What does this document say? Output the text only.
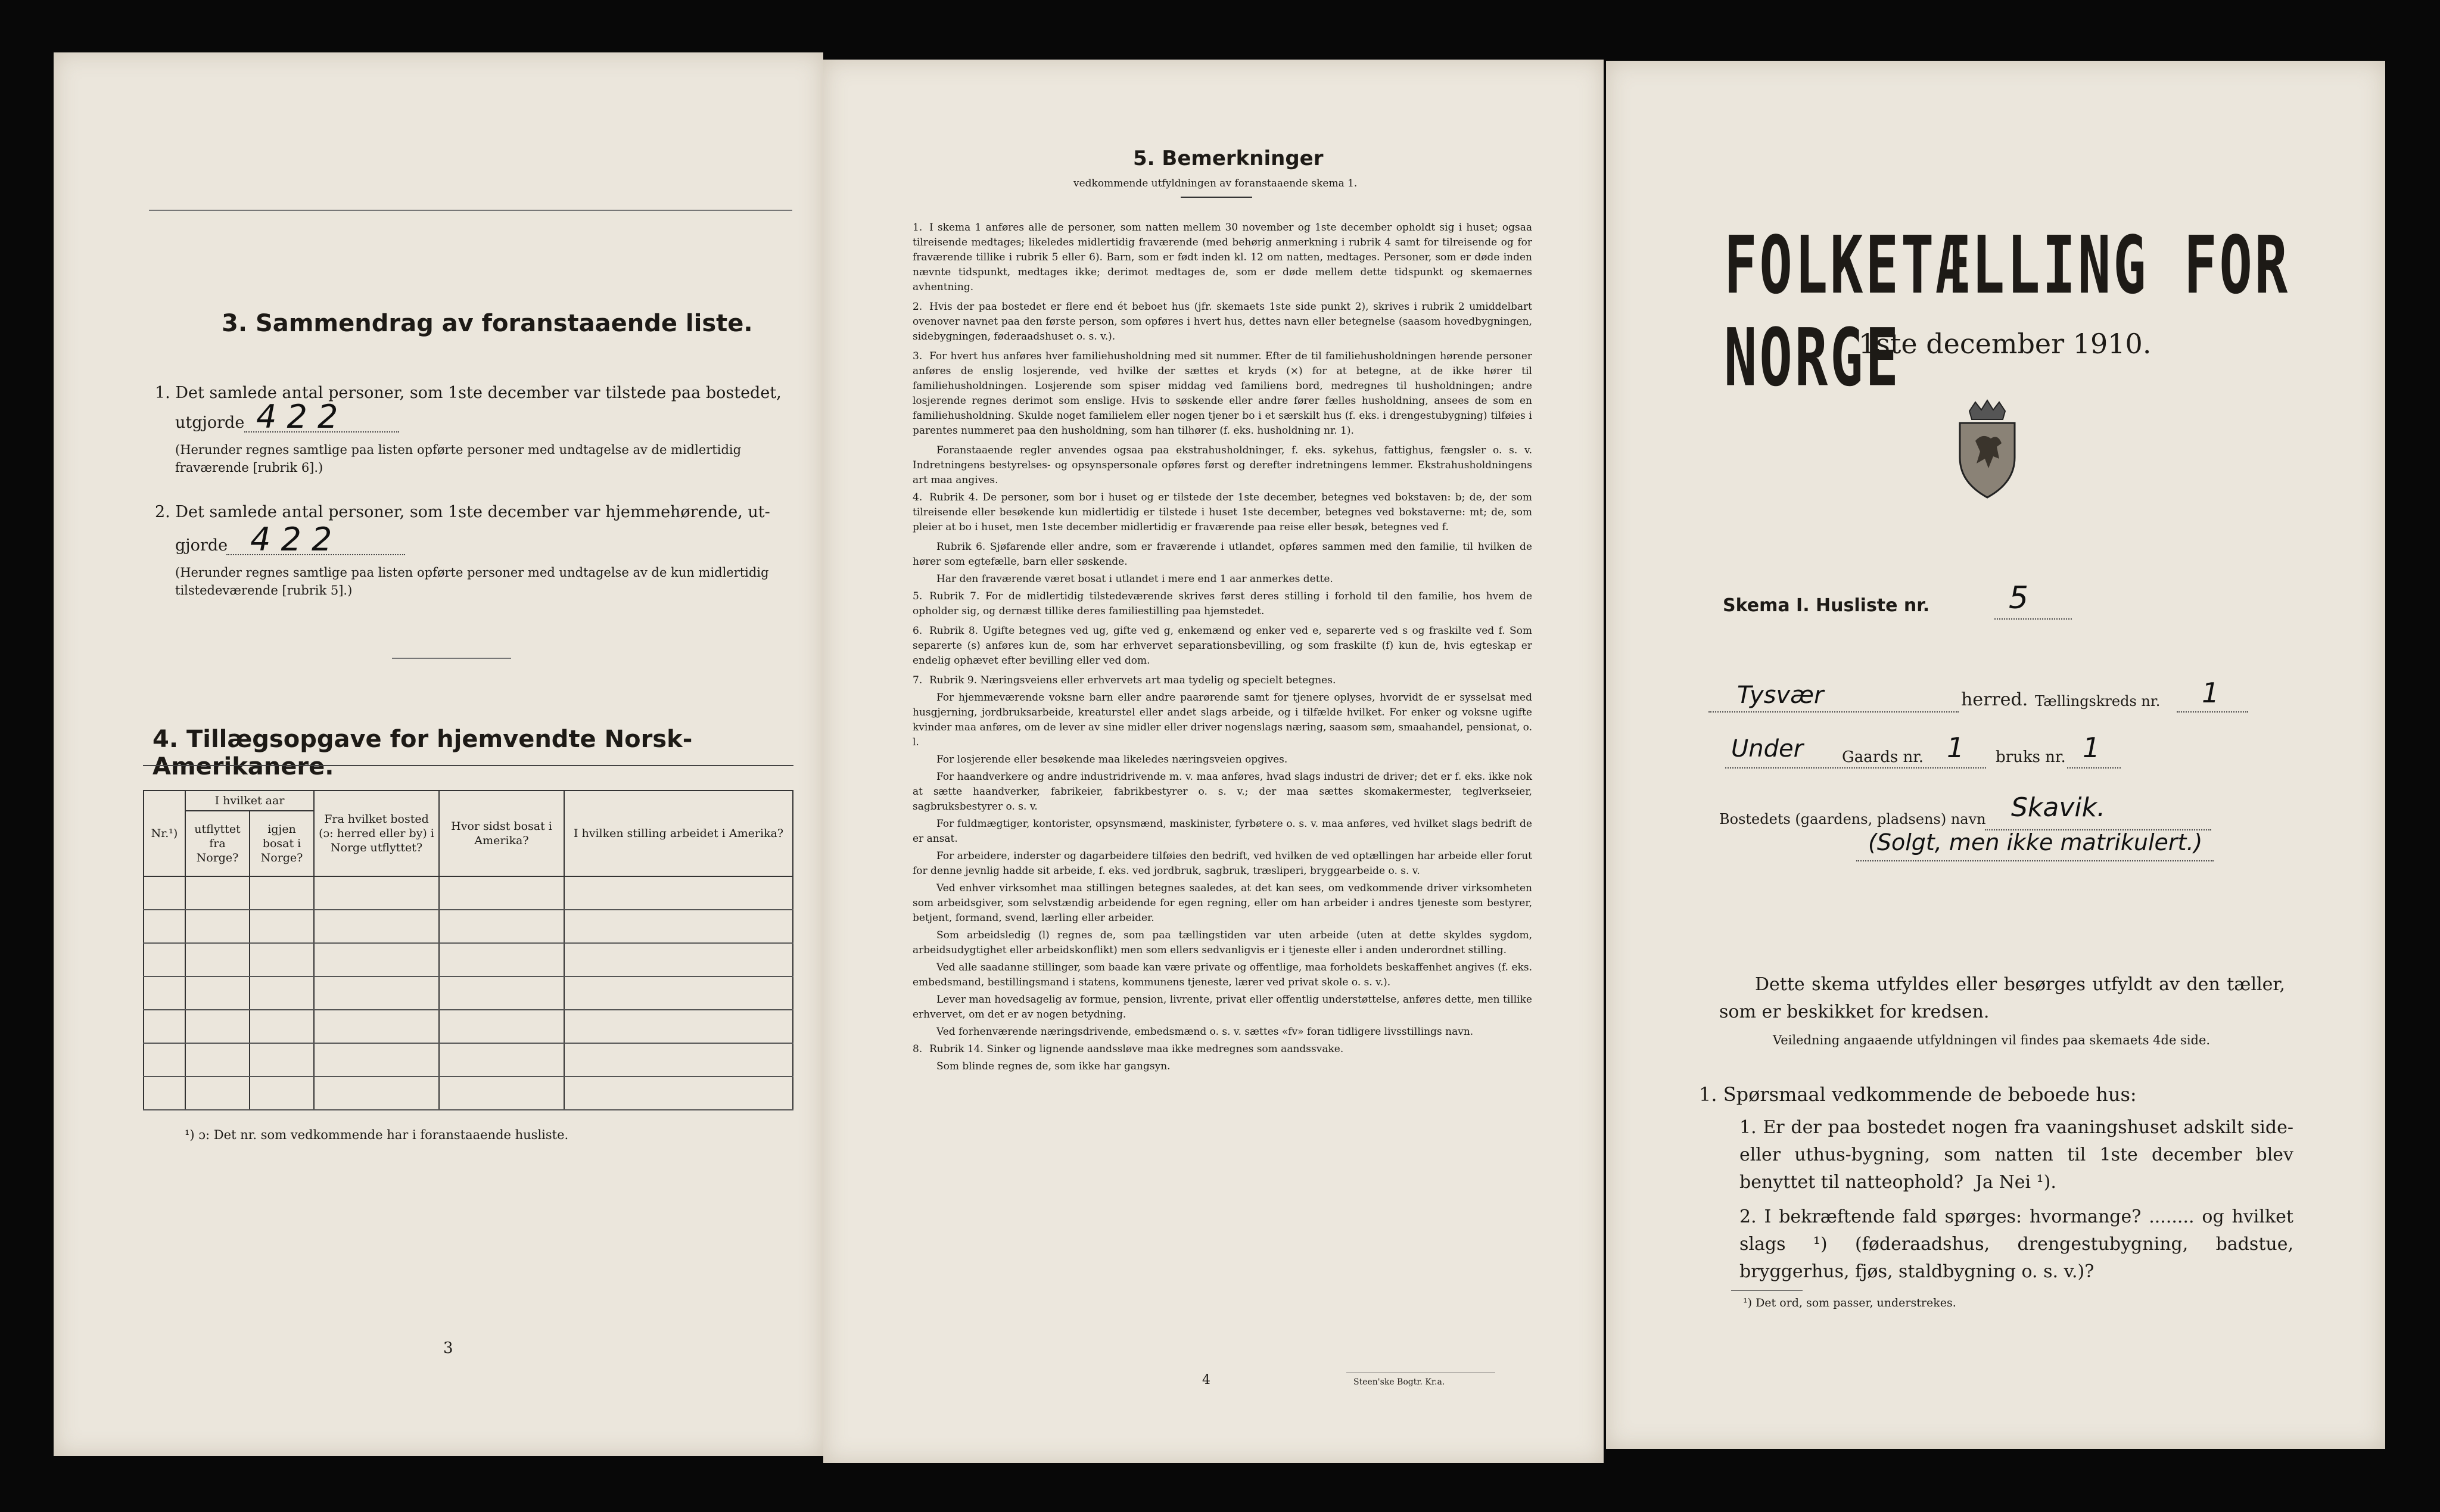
3. Sammendrag av foranstaaende liste.
1. Det samlede antal personer, som 1ste december var tilstede paa bostedet,
utgjorde 4 2 2
(Herunder regnes samtlige paa listen opførte personer med undtagelse av de midlertidig fraværende [rubrik 6].)
2. Det samlede antal personer, som 1ste december var hjemmehørende, ut-
gjorde 4 2 2
(Herunder regnes samtlige paa listen opførte personer med undtagelse av de kun midlertidig tilstedeværende [rubrik 5].)
4. Tillægsopgave for hjemvendte Norsk-Amerikanere.
Nr.¹)	I hvilket aar		Fra hvilket bosted (ɔ: herred eller by) i Norge utflyttet?	Hvor sidst bosat i Amerika?	I hvilken stilling arbeidet i Amerika?
	utflyttet fra Norge?	igjen bosat i Norge?			

¹) ɔ: Det nr. som vedkommende har i foranstaaende husliste.
3
5. Bemerkninger
vedkommende utfyldningen av foranstaaende skema 1.

1. I skema 1 anføres alle de personer, som natten mellem 30 november og 1ste december opholdt sig i huset; ogsaa tilreisende medtages; likeledes midlertidig fraværende (med behørig anmerkning i rubrik 4 samt for tilreisende og for fraværende tillike i rubrik 5 eller 6). Barn, som er født inden kl. 12 om natten, medtages. Personer, som er døde inden nævnte tidspunkt, medtages ikke; derimot medtages de, som er døde mellem dette tidspunkt og skemaernes avhentning.

2. Hvis der paa bostedet er flere end ét beboet hus (jfr. skemaets 1ste side punkt 2), skrives i rubrik 2 umiddelbart ovenover navnet paa den første person, som opføres i hvert hus, dettes navn eller betegnelse (saasom hovedbygningen, sidebygningen, føderaadshuset o. s. v.).

3. For hvert hus anføres hver familiehusholdning med sit nummer. Efter de til familiehusholdningen hørende personer anføres de enslig losjerende, ved hvilke der sættes et kryds (×) for at betegne, at de ikke hører til familiehusholdningen. Losjerende som spiser middag ved familiens bord, medregnes til husholdningen; andre losjerende regnes derimot som enslige. Hvis to søskende eller andre fører fælles husholdning, ansees de som en familiehusholdning. Skulde noget familielem eller nogen tjener bo i et særskilt hus (f. eks. i drengestubygning) tilføies i parentes nummeret paa den husholdning, som han tilhører (f. eks. husholdning nr. 1).

Foranstaaende regler anvendes ogsaa paa ekstrahusholdninger, f. eks. sykehus, fattighus, fængsler o. s. v. Indretningens bestyrelses- og opsynspersonale opføres først og derefter indretningens lemmer. Ekstrahusholdningens art maa angives.

4. Rubrik 4. De personer, som bor i huset og er tilstede der 1ste december, betegnes ved bokstaven: b; de, der som tilreisende eller besøkende kun midlertidig er tilstede i huset 1ste december, betegnes ved bokstaverne: mt; de, som pleier at bo i huset, men 1ste december midlertidig er fraværende paa reise eller besøk, betegnes ved f.

Rubrik 6. Sjøfarende eller andre, som er fraværende i utlandet, opføres sammen med den familie, til hvilken de hører som egtefælle, barn eller søskende.

Har den fraværende været bosat i utlandet i mere end 1 aar anmerkes dette.

5. Rubrik 7. For de midlertidig tilstedeværende skrives først deres stilling i forhold til den familie, hos hvem de opholder sig, og dernæst tillike deres familiestilling paa hjemstedet.

6. Rubrik 8. Ugifte betegnes ved ug, gifte ved g, enkemænd og enker ved e, separerte ved s og fraskilte ved f. Som separerte (s) anføres kun de, som har erhvervet separationsbevilling, og som fraskilte (f) kun de, hvis egteskap er endelig ophævet efter bevilling eller ved dom.

7. Rubrik 9. Næringsveiens eller erhvervets art maa tydelig og specielt betegnes.

For hjemmeværende voksne barn eller andre paarørende samt for tjenere oplyses, hvorvidt de er sysselsat med husgjerning, jordbruksarbeide, kreaturstel eller andet slags arbeide, og i tilfælde hvilket. For enker og voksne ugifte kvinder maa anføres, om de lever av sine midler eller driver nogenslags næring, saasom søm, smaahandel, pensionat, o. l.

For losjerende eller besøkende maa likeledes næringsveien opgives.

For haandverkere og andre industridrivende m. v. maa anføres, hvad slags industri de driver; det er f. eks. ikke nok at sætte haandverker, fabrikeier, fabrikbestyrer o. s. v.; der maa sættes skomakermester, teglverkseier, sagbruksbestyrer o. s. v.

For fuldmægtiger, kontorister, opsynsmænd, maskinister, fyrbøtere o. s. v. maa anføres, ved hvilket slags bedrift de er ansat.

For arbeidere, inderster og dagarbeidere tilføies den bedrift, ved hvilken de ved optællingen har arbeide eller forut for denne jevnlig hadde sit arbeide, f. eks. ved jordbruk, sagbruk, træsliperi, bryggearbeide o. s. v.

Ved enhver virksomhet maa stillingen betegnes saaledes, at det kan sees, om vedkommende driver virksomheten som arbeidsgiver, som selvstændig arbeidende for egen regning, eller om han arbeider i andres tjeneste som bestyrer, betjent, formand, svend, lærling eller arbeider.

Som arbeidsledig (l) regnes de, som paa tællingstiden var uten arbeide (uten at dette skyldes sygdom, arbeidsudygtighet eller arbeidskonflikt) men som ellers sedvanligvis er i tjeneste eller i anden underordnet stilling.

Ved alle saadanne stillinger, som baade kan være private og offentlige, maa forholdets beskaffenhet angives (f. eks. embedsmand, bestillingsmand i statens, kommunens tjeneste, lærer ved privat skole o. s. v.).

Lever man hovedsagelig av formue, pension, livrente, privat eller offentlig understøttelse, anføres dette, men tillike erhvervet, om det er av nogen betydning.

Ved forhenværende næringsdrivende, embedsmænd o. s. v. sættes «fv» foran tidligere livsstillings navn.

8. Rubrik 14. Sinker og lignende aandssløve maa ikke medregnes som aandssvake.

Som blinde regnes de, som ikke har gangsyn.

4	Steen'ske Bogtr. Kr.a.
FOLKETÆLLING FOR NORGE
1ste december 1910.
Skema I. Husliste nr.	5
Tysvær	herred. Tællingskreds nr. 1
Under Gaards nr. 1 bruks nr. 1
Bostedets (gaardens, pladsens) navn Skavik.
(Solgt, men ikke matrikulert.)
Dette skema utfyldes eller besørges utfyldt av den tæller, som er beskikket for kredsen.
Veiledning angaaende utfyldningen vil findes paa skemaets 4de side.
1. Spørsmaal vedkommende de beboede hus:
1. Er der paa bostedet nogen fra vaaningshuset adskilt side- eller uthus-bygning, som natten til 1ste december blev benyttet til natteophold? Ja Nei ¹).
2. I bekræftende fald spørges: hvormange? ........ og hvilket slags ¹) (føderaadshus, drengestubygning, badstue, bryggerhus, fjøs, staldbygning o. s. v.)?
¹) Det ord, som passer, understrekes.
